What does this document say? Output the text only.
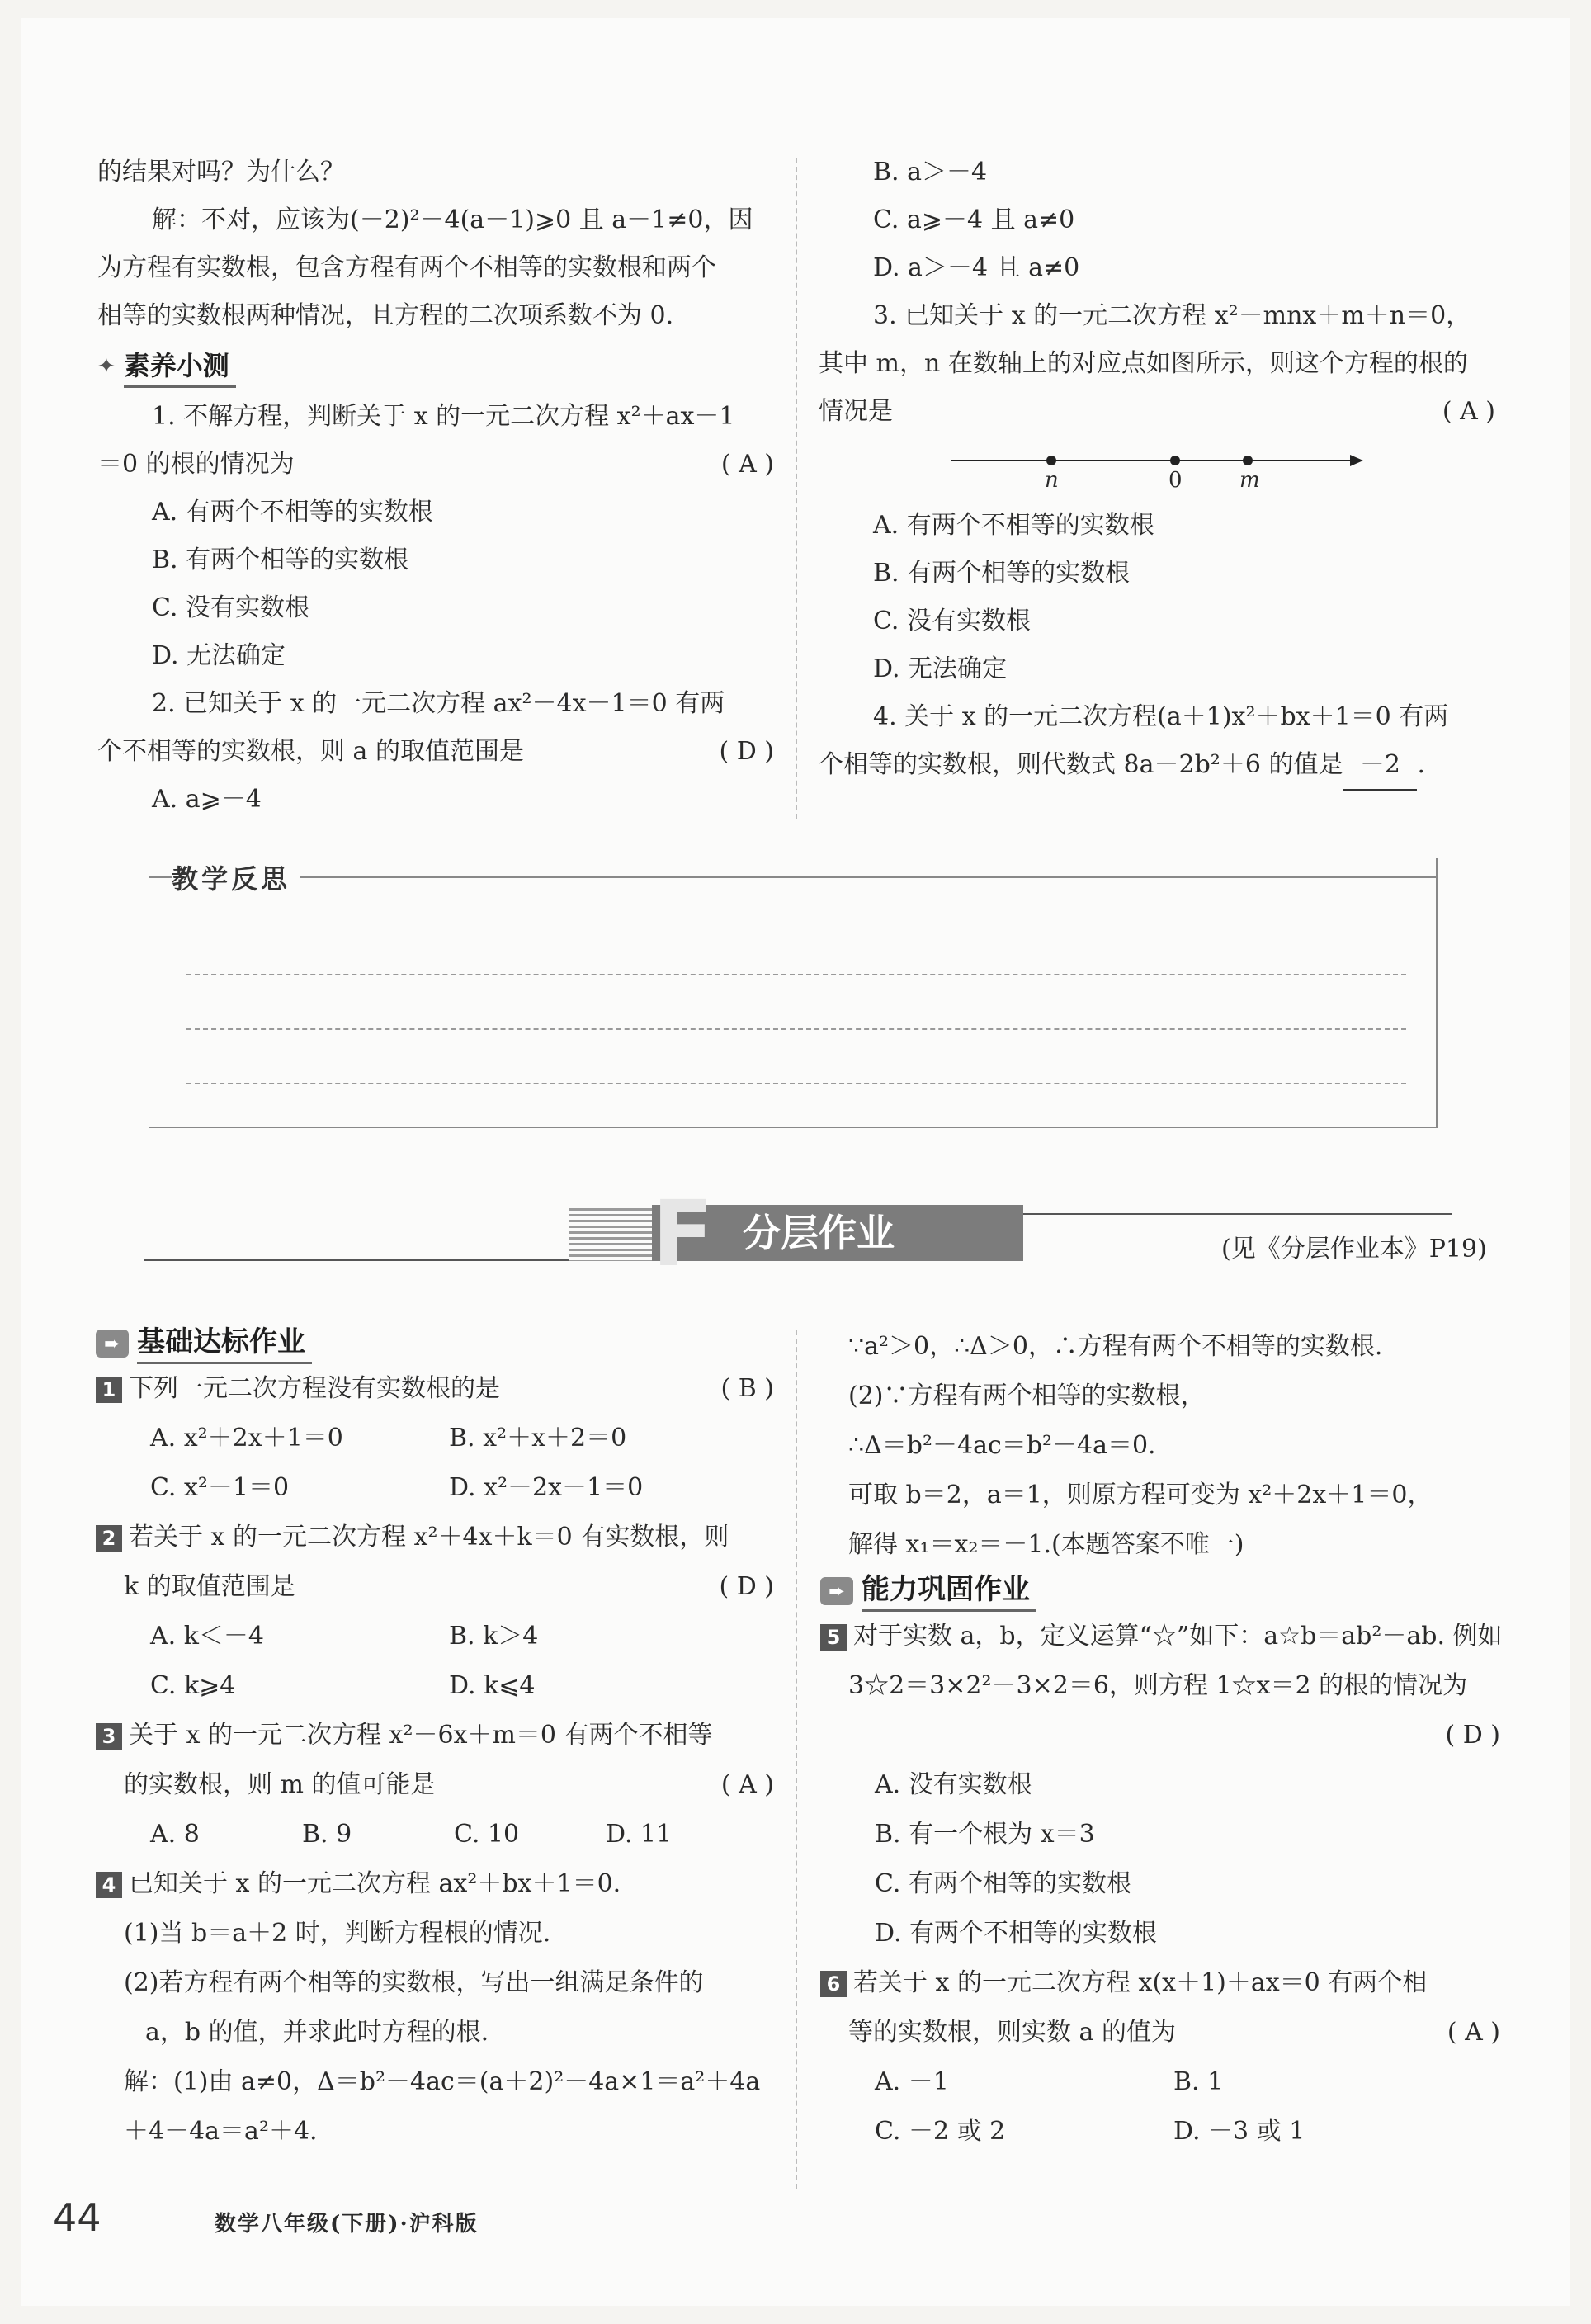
的结果对吗？为什么？

解：不对，应该为(－2)²－4(a－1)⩾0 且 a－1≠0，因

为方程有实数根，包含方程有两个不相等的实数根和两个

相等的实数根两种情况，且方程的二次项系数不为 0.

✦ 素养小测

1. 不解方程，判断关于 x 的一元二次方程 x²＋ax－1

＝0 的根的情况为	( A )

A. 有两个不相等的实数根

B. 有两个相等的实数根

C. 没有实数根

D. 无法确定

2. 已知关于 x 的一元二次方程 ax²－4x－1＝0 有两

个不相等的实数根，则 a 的取值范围是	( D )

A. a⩾－4

B. a＞－4

C. a⩾－4 且 a≠0

D. a＞－4 且 a≠0

3. 已知关于 x 的一元二次方程 x²－mnx＋m＋n＝0，

其中 m，n 在数轴上的对应点如图所示，则这个方程的根的

情况是	( A )

n	0	m

A. 有两个不相等的实数根

B. 有两个相等的实数根

C. 没有实数根

D. 无法确定

4. 关于 x 的一元二次方程(a＋1)x²＋bx＋1＝0 有两

个相等的实数根，则代数式 8a－2b²＋6 的值是 －2 .

教学反思
F 分层作业	(见《分层作业本》P19)
➨ 基础达标作业

1 下列一元二次方程没有实数根的是	( B )

A. x²＋2x＋1＝0	B. x²＋x＋2＝0
C. x²－1＝0	D. x²－2x－1＝0

2 若关于 x 的一元二次方程 x²＋4x＋k＝0 有实数根，则

k 的取值范围是	( D )

A. k＜－4	B. k＞4
C. k⩾4	D. k⩽4

3 关于 x 的一元二次方程 x²－6x＋m＝0 有两个不相等

的实数根，则 m 的值可能是	( A )

A. 8	B. 9	C. 10	D. 11

4 已知关于 x 的一元二次方程 ax²＋bx＋1＝0.

(1)当 b＝a＋2 时，判断方程根的情况.

(2)若方程有两个相等的实数根，写出一组满足条件的

a，b 的值，并求此时方程的根.

解：(1)由 a≠0，Δ＝b²－4ac＝(a＋2)²－4a×1＝a²＋4a

＋4－4a＝a²＋4.

∵a²＞0，∴Δ＞0，∴方程有两个不相等的实数根.

(2)∵方程有两个相等的实数根，

∴Δ＝b²－4ac＝b²－4a＝0.

可取 b＝2，a＝1，则原方程可变为 x²＋2x＋1＝0，

解得 x₁＝x₂＝－1.(本题答案不唯一)

➨ 能力巩固作业

5 对于实数 a，b，定义运算“☆”如下：a☆b＝ab²－ab. 例如

3☆2＝3×2²－3×2＝6，则方程 1☆x＝2 的根的情况为

( D )

A. 没有实数根

B. 有一个根为 x＝3

C. 有两个相等的实数根

D. 有两个不相等的实数根

6 若关于 x 的一元二次方程 x(x＋1)＋ax＝0 有两个相

等的实数根，则实数 a 的值为	( A )

A. －1	B. 1
C. －2 或 2	D. －3 或 1
44	数学八年级(下册)·沪科版
